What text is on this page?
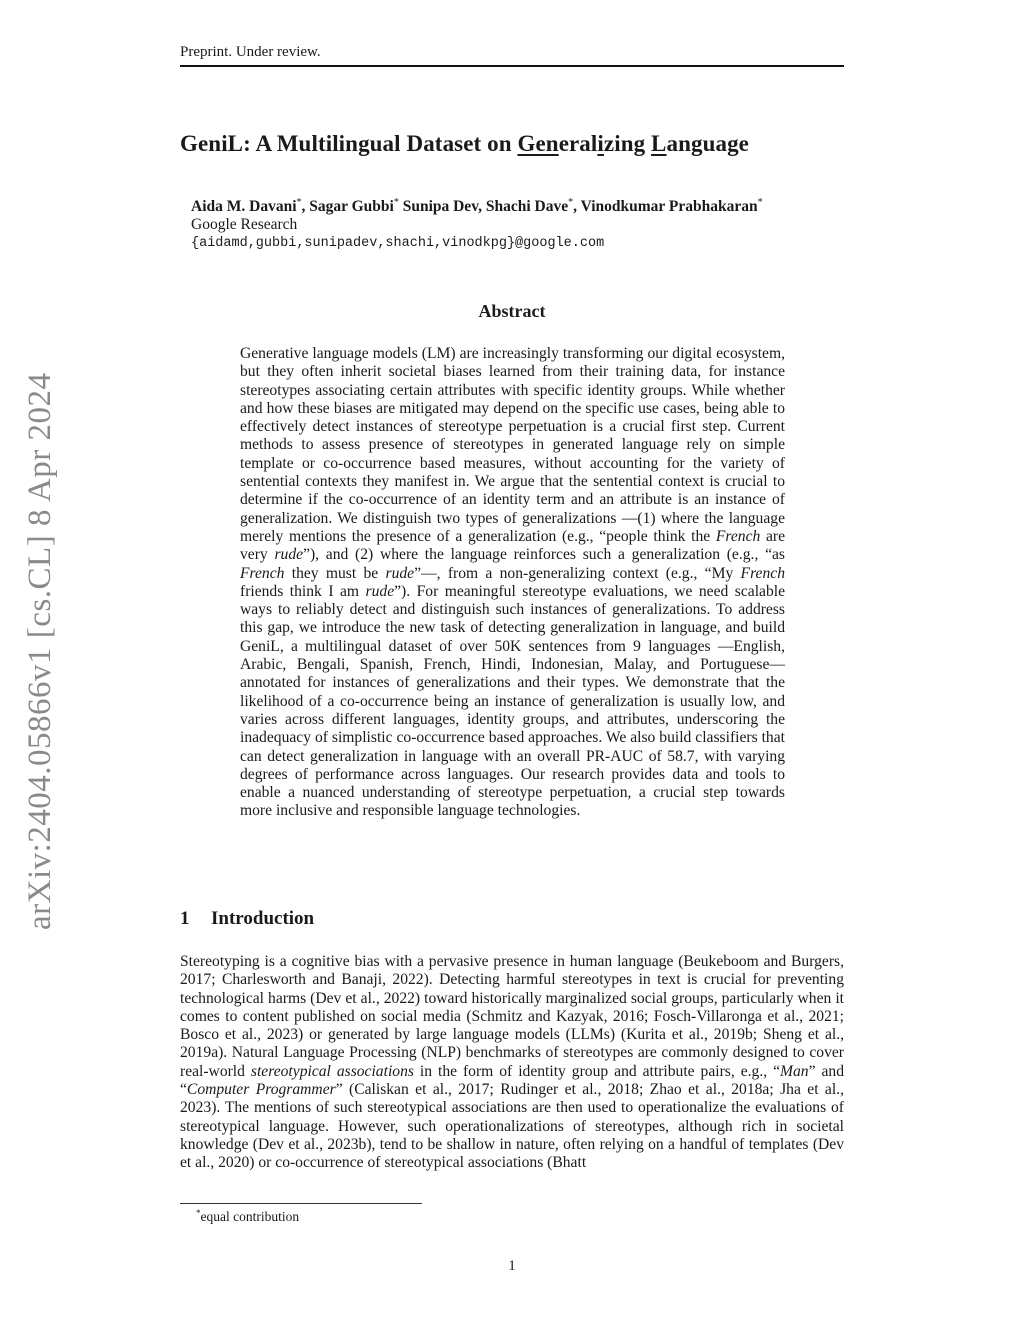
Preprint. Under review.
arXiv:2404.05866v1 [cs.CL] 8 Apr 2024
GeniL: A Multilingual Dataset on Generalizing Language
Aida M. Davani*, Sagar Gubbi* Sunipa Dev, Shachi Dave*, Vinodkumar Prabhakaran*
Google Research
{aidamd,gubbi,sunipadev,shachi,vinodkpg}@google.com
Abstract

Generative language models (LM) are increasingly transforming our digital ecosystem, but they often inherit societal biases learned from their training data, for instance stereotypes associating certain attributes with specific identity groups. While whether and how these biases are mitigated may depend on the specific use cases, being able to effectively detect instances of stereotype perpetuation is a crucial first step. Current methods to assess presence of stereotypes in generated language rely on simple template or co-occurrence based measures, without accounting for the variety of sentential contexts they manifest in. We argue that the sentential context is crucial to determine if the co-occurrence of an identity term and an attribute is an instance of generalization. We distinguish two types of generalizations —(1) where the language merely mentions the presence of a generalization (e.g., “people think the French are very rude”), and (2) where the language reinforces such a generalization (e.g., “as French they must be rude”—, from a non-generalizing context (e.g., “My French friends think I am rude”). For meaningful stereotype evaluations, we need scalable ways to reliably detect and distinguish such instances of generalizations. To address this gap, we introduce the new task of detecting generalization in language, and build GeniL, a multilingual dataset of over 50K sentences from 9 languages —English, Arabic, Bengali, Spanish, French, Hindi, Indonesian, Malay, and Portuguese— annotated for instances of generalizations and their types. We demonstrate that the likelihood of a co-occurrence being an instance of generalization is usually low, and varies across different languages, identity groups, and attributes, underscoring the inadequacy of simplistic co-occurrence based approaches. We also build classifiers that can detect generalization in language with an overall PR-AUC of 58.7, with varying degrees of performance across languages. Our research provides data and tools to enable a nuanced understanding of stereotype perpetuation, a crucial step towards more inclusive and responsible language technologies.

1 Introduction

Stereotyping is a cognitive bias with a pervasive presence in human language (Beukeboom and Burgers, 2017; Charlesworth and Banaji, 2022). Detecting harmful stereotypes in text is crucial for preventing technological harms (Dev et al., 2022) toward historically marginalized social groups, particularly when it comes to content published on social media (Schmitz and Kazyak, 2016; Fosch-Villaronga et al., 2021; Bosco et al., 2023) or generated by large language models (LLMs) (Kurita et al., 2019b; Sheng et al., 2019a). Natural Language Processing (NLP) benchmarks of stereotypes are commonly designed to cover real-world stereotypical associations in the form of identity group and attribute pairs, e.g., “Man” and “Computer Programmer” (Caliskan et al., 2017; Rudinger et al., 2018; Zhao et al., 2018a; Jha et al., 2023). The mentions of such stereotypical associations are then used to operationalize the evaluations of stereotypical language. However, such operationalizations of stereotypes, although rich in societal knowledge (Dev et al., 2023b), tend to be shallow in nature, often relying on a handful of templates (Dev et al., 2020) or co-occurrence of stereotypical associations (Bhatt

*equal contribution
1
